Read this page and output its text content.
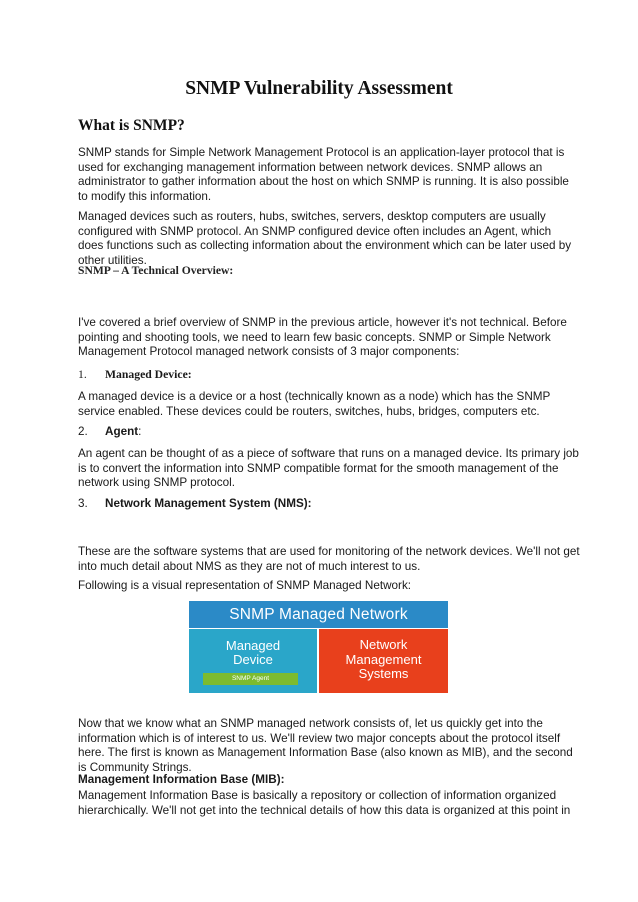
SNMP Vulnerability Assessment
What is SNMP?
SNMP stands for Simple Network Management Protocol is an application-layer protocol that is
used for exchanging management information between network devices. SNMP allows an
administrator to gather information about the host on which SNMP is running. It is also possible
to modify this information.
Managed devices such as routers, hubs, switches, servers, desktop computers are usually
configured with SNMP protocol. An SNMP configured device often includes an Agent, which
does functions such as collecting information about the environment which can be later used by
other utilities.
SNMP – A Technical Overview:
I've covered a brief overview of SNMP in the previous article, however it's not technical. Before
pointing and shooting tools, we need to learn few basic concepts. SNMP or Simple Network
Management Protocol managed network consists of 3 major components:
1. Managed Device:
A managed device is a device or a host (technically known as a node) which has the SNMP
service enabled. These devices could be routers, switches, hubs, bridges, computers etc.
2. Agent:
An agent can be thought of as a piece of software that runs on a managed device. Its primary job
is to convert the information into SNMP compatible format for the smooth management of the
network using SNMP protocol.
3. Network Management System (NMS):
These are the software systems that are used for monitoring of the network devices. We'll not get
into much detail about NMS as they are not of much interest to us.
Following is a visual representation of SNMP Managed Network:
SNMP Managed Network
Managed
Device
SNMP Agent
Network
Management
Systems
Now that we know what an SNMP managed network consists of, let us quickly get into the
information which is of interest to us. We'll review two major concepts about the protocol itself
here. The first is known as Management Information Base (also known as MIB), and the second
is Community Strings.
Management Information Base (MIB):
Management Information Base is basically a repository or collection of information organized
hierarchically. We'll not get into the technical details of how this data is organized at this point in
